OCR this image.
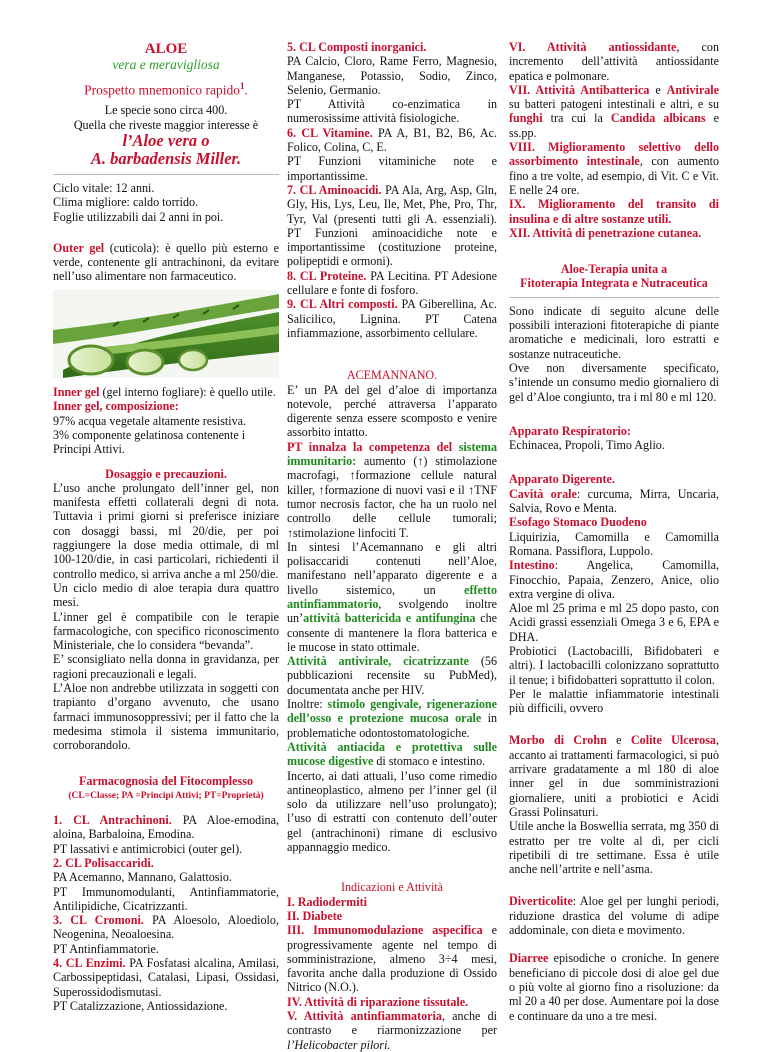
ALOE
vera e meravigliosa
Prospetto mnemonico rapido$^1$.
Le specie sono circa 400.
Quella che riveste maggior interesse è
l’Aloe vera o
A. barbadensis Miller.

Ciclo vitale: 12 anni.

Clima migliore: caldo torrido.

Foglie utilizzabili dai 2 anni in poi.

Outer gel (cuticola): è quello più esterno e verde, contenente gli antrachinoni, da evitare nell’uso alimentare non farmaceutico.

Inner gel (gel interno fogliare): è quello utile.

Inner gel, composizione:

97% acqua vegetale altamente resistiva.

3% componente gelatinosa contenente i Principi Attivi.

Dosaggio e precauzioni.

L’uso anche prolungato dell’inner gel, non manifesta effetti collaterali degni di nota. Tuttavia i primi giorni si preferisce iniziare con dosaggi bassi, ml 20/die, per poi raggiungere la dose media ottimale, di ml 100-120/die, in casi particolari, richiedenti il controllo medico, si arriva anche a ml 250/die.

Un ciclo medio di aloe terapia dura quattro mesi.

L’inner gel è compatibile con le terapie farmacologiche, con specifico riconoscimento Ministeriale, che lo considera “bevanda”.

E’ sconsigliato nella donna in gravidanza, per ragioni precauzionali e legali.

L’Aloe non andrebbe utilizzata in soggetti con trapianto d’organo avvenuto, che usano farmaci immunosoppressivi; per il fatto che la medesima stimola il sistema immunitario, corroborandolo.

Farmacognosia del Fitocomplesso

(CL=Classe; PA =Principi Attivi; PT=Proprietà)

1. CL Antrachinoni. PA Aloe-emodina, aloina, Barbaloina, Emodina.

PT lassativi e antimicrobici (outer gel).

2. CL Polisaccaridi.

PA Acemanno, Mannano, Galattosio.

PT Immunomodulanti, Antinfiammatorie, Antilipidiche, Cicatrizzanti.

3. CL Cromoni. PA Aloesolo, Aloediolo, Neogenina, Neoaloesina.

PT Antinfiammatorie.

4. CL Enzimi. PA Fosfatasi alcalina, Amilasi, Carbossipeptidasi, Catalasi, Lipasi, Ossidasi, Superossidodismutasi.

PT Catalizzazione, Antiossidazione.

5. CL Composti inorganici.

PA Calcio, Cloro, Rame Ferro, Magnesio, Manganese, Potassio, Sodio, Zinco, Selenio, Germanio.

PT Attività co-enzimatica in numerosissime attività fisiologiche.

6. CL Vitamine. PA A, B1, B2, B6, Ac. Folico, Colina, C, E.

PT Funzioni vitaminiche note e importantissime.

7. CL Aminoacidi. PA Ala, Arg, Asp, Gln, Gly, His, Lys, Leu, Ile, Met, Phe, Pro, Thr, Tyr, Val (presenti tutti gli A. essenziali). PT Funzioni aminoacidiche note e importantissime (costituzione proteine, polipeptidi e ormoni).

8. CL Proteine. PA Lecitina. PT Adesione cellulare e fonte di fosforo.

9. CL Altri composti. PA Giberellina, Ac. Salicilico, Lignina. PT Catena infiammazione, assorbimento cellulare.

ACEMANNANO.

E’ un PA del gel d’aloe di importanza notevole, perché attraversa l’apparato digerente senza essere scomposto e venire assorbito intatto.

PT innalza la competenza del sistema immunitario: aumento (↑) stimolazione macrofagi, ↑formazione cellule natural killer, ↑formazione di nuovi vasi e il ↑TNF tumor necrosis factor, che ha un ruolo nel controllo delle cellule tumorali; ↑stimolazione linfociti T.

In sintesi l’Acemannano e gli altri polisaccaridi contenuti nell’Aloe, manifestano nell’apparato digerente e a livello sistemico, un effetto antinfiammatorio, svolgendo inoltre un’attività battericida e antifungina che consente di mantenere la flora batterica e le mucose in stato ottimale.

Attività antivirale, cicatrizzante (56 pubblicazioni recensite su PubMed), documentata anche per HIV.

Inoltre: stimolo gengivale, rigenerazione dell’osso e protezione mucosa orale in problematiche odontostomatologiche.

Attività antiacida e protettiva sulle mucose digestive di stomaco e intestino.

Incerto, ai dati attuali, l’uso come rimedio antineoplastico, almeno per l’inner gel (il solo da utilizzare nell’uso prolungato); l’uso di estratti con contenuto dell’outer gel (antrachinoni) rimane di esclusivo appannaggio medico.

Indicazioni e Attività

I. Radiodermiti

II. Diabete

III. Immunomodulazione aspecifica e progressivamente agente nel tempo di somministrazione, almeno 3÷4 mesi, favorita anche dalla produzione di Ossido Nitrico (N.O.).

IV. Attività di riparazione tissutale.

V. Attività antinfiammatoria, anche di contrasto e riarmonizzazione per l’Helicobacter pilori.

VI. Attività antiossidante, con incremento dell’attività antiossidante epatica e polmonare.

VII. Attività Antibatterica e Antivirale su batteri patogeni intestinali e altri, e su funghi tra cui la Candida albicans e ss.pp.

VIII. Miglioramento selettivo dello assorbimento intestinale, con aumento fino a tre volte, ad esempio, di Vit. C e Vit. E nelle 24 ore.

IX. Miglioramento del transito di insulina e di altre sostanze utili.

XII. Attività di penetrazione cutanea.

Aloe-Terapia unita a

Fitoterapia Integrata e Nutraceutica

Sono indicate di seguito alcune delle possibili interazioni fitoterapiche di piante aromatiche e medicinali, loro estratti e sostanze nutraceutiche.

Ove non diversamente specificato, s’intende un consumo medio giornaliero di gel d’Aloe congiunto, tra i ml 80 e ml 120.

Apparato Respiratorio:

Echinacea, Propoli, Timo Aglio.

Apparato Digerente.

Cavità orale: curcuma, Mirra, Uncaria, Salvia, Rovo e Menta.

Esofago Stomaco Duodeno

Liquirizia, Camomilla e Camomilla Romana. Passiflora, Luppolo.

Intestino: Angelica, Camomilla, Finocchio, Papaia, Zenzero, Anice, olio extra vergine di oliva.

Aloe ml 25 prima e ml 25 dopo pasto, con Acidi grassi essenziali Omega 3 e 6, EPA e DHA.

Probiotici (Lactobacilli, Bifidobateri e altri). I lactobacilli colonizzano soprattutto il tenue; i bifidobatteri soprattutto il colon.

Per le malattie infiammatorie intestinali più difficili, ovvero

Morbo di Crohn e Colite Ulcerosa, accanto ai trattamenti farmacologici, si può arrivare gradatamente a ml 180 di aloe inner gel in due somministrazioni giornaliere, uniti a probiotici e Acidi Grassi Polinsaturi.

Utile anche la Boswellia serrata, mg 350 di estratto per tre volte al dì, per cicli ripetibili di tre settimane. Essa è utile anche nell’artrite e nell’asma.

Diverticolite: Aloe gel per lunghi periodi, riduzione drastica del volume di adipe addominale, con dieta e movimento.

Diarree episodiche o croniche. In genere beneficiano di piccole dosi di aloe gel due o più volte al giorno fino a risoluzione: da ml 20 a 40 per dose. Aumentare poi la dose e continuare da uno a tre mesi.
